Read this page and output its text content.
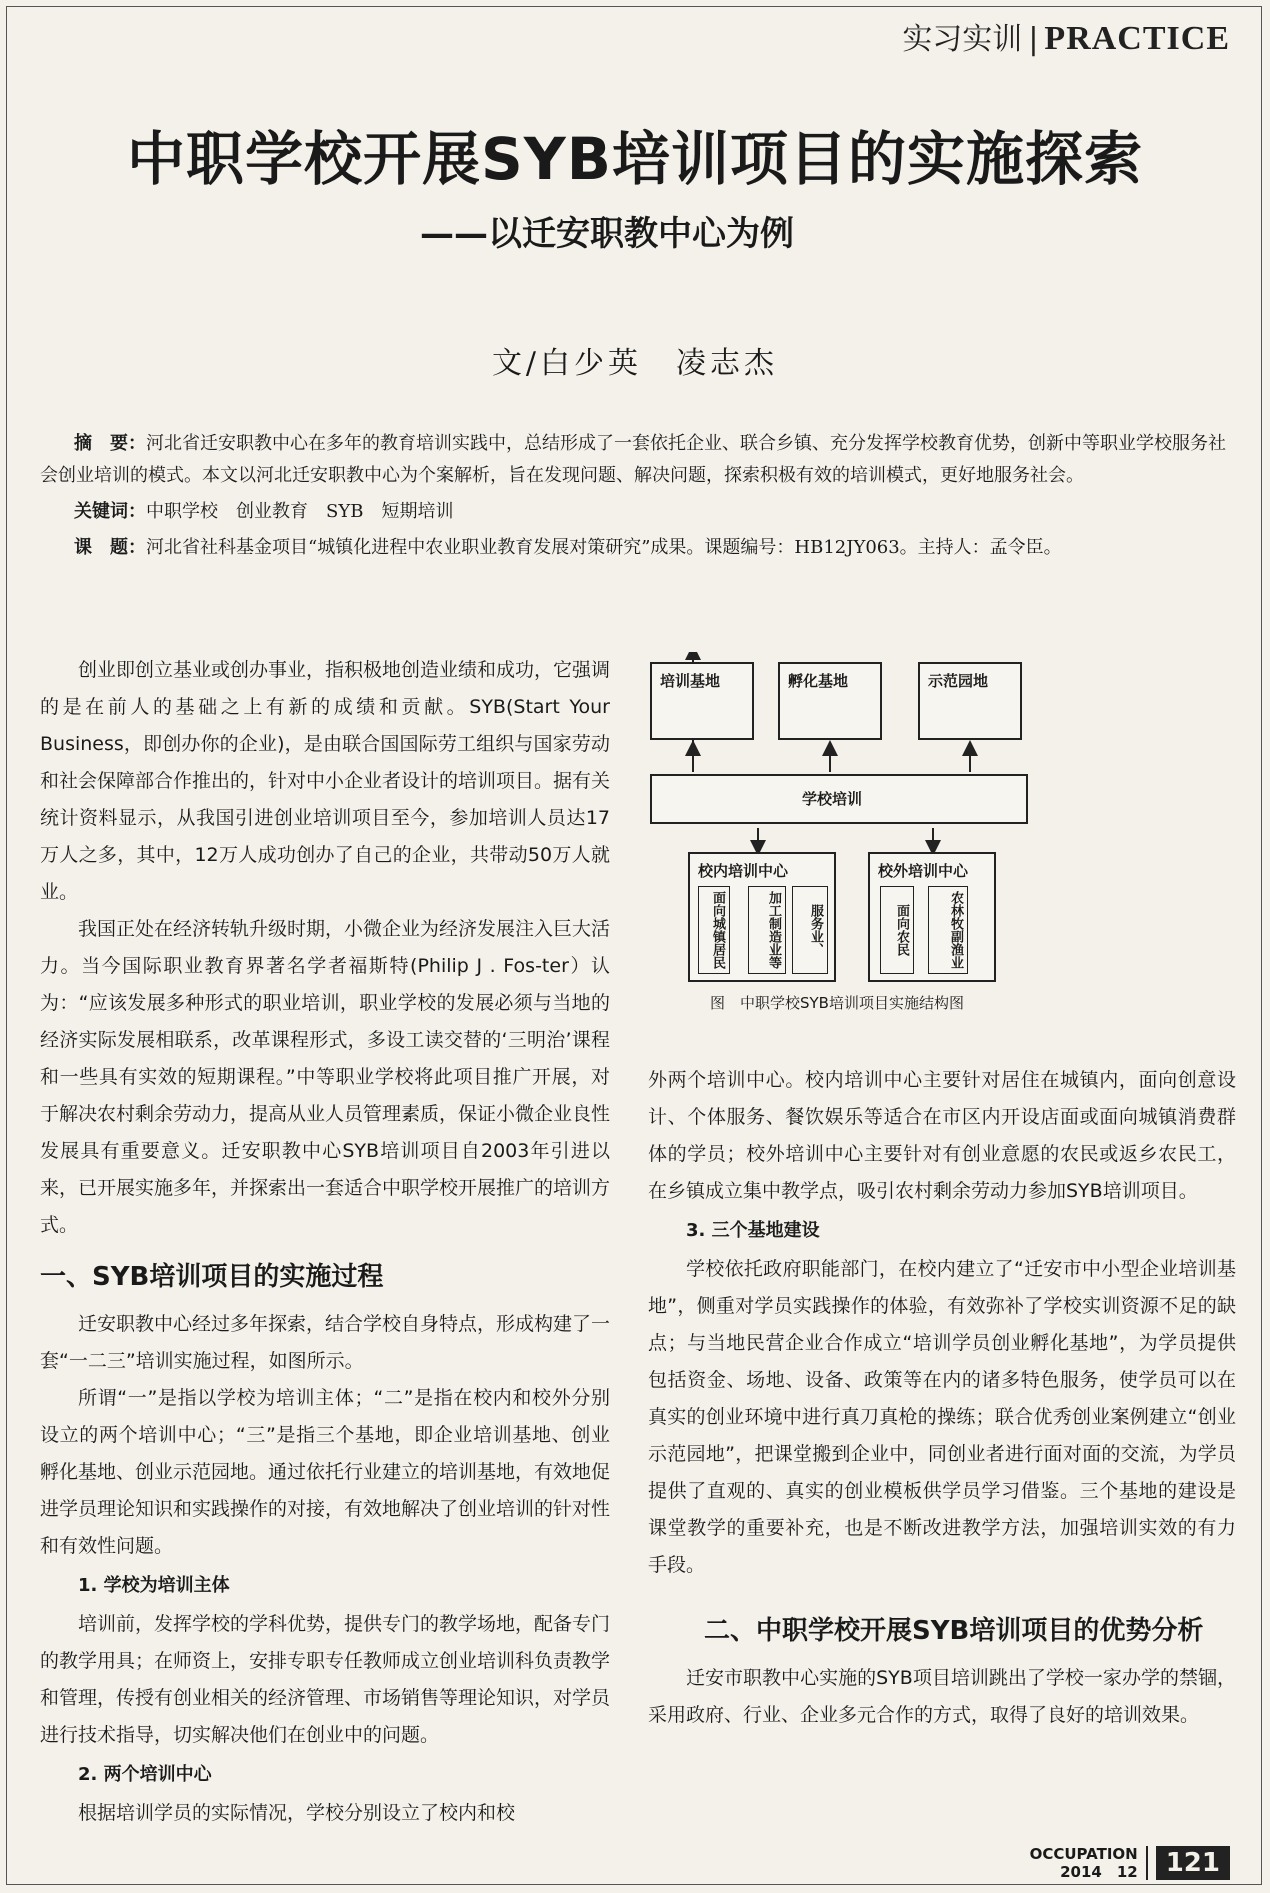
实习实训 | PRACTICE
中职学校开展SYB培训项目的实施探索
——以迁安职教中心为例
文/白少英　凌志杰

摘　要：河北省迁安职教中心在多年的教育培训实践中，总结形成了一套依托企业、联合乡镇、充分发挥学校教育优势，创新中等职业学校服务社会创业培训的模式。本文以河北迁安职教中心为个案解析，旨在发现问题、解决问题，探索积极有效的培训模式，更好地服务社会。

关键词：中职学校　创业教育　SYB　短期培训

课　题：河北省社科基金项目“城镇化进程中农业职业教育发展对策研究”成果。课题编号：HB12JY063。主持人：孟令臣。

创业即创立基业或创办事业，指积极地创造业绩和成功，它强调的是在前人的基础之上有新的成绩和贡献。SYB(Start Your Business，即创办你的企业)，是由联合国国际劳工组织与国家劳动和社会保障部合作推出的，针对中小企业者设计的培训项目。据有关统计资料显示，从我国引进创业培训项目至今，参加培训人员达17万人之多，其中，12万人成功创办了自己的企业，共带动50万人就业。

我国正处在经济转轨升级时期，小微企业为经济发展注入巨大活力。当今国际职业教育界著名学者福斯特(Philip J . Fos-ter）认为：“应该发展多种形式的职业培训，职业学校的发展必须与当地的经济实际发展相联系，改革课程形式，多设工读交替的‘三明治’课程和一些具有实效的短期课程。”中等职业学校将此项目推广开展，对于解决农村剩余劳动力，提高从业人员管理素质，保证小微企业良性发展具有重要意义。迁安职教中心SYB培训项目自2003年引进以来，已开展实施多年，并探索出一套适合中职学校开展推广的培训方式。

一、SYB培训项目的实施过程

迁安职教中心经过多年探索，结合学校自身特点，形成构建了一套“一二三”培训实施过程，如图所示。

所谓“一”是指以学校为培训主体；“二”是指在校内和校外分别设立的两个培训中心；“三”是指三个基地，即企业培训基地、创业孵化基地、创业示范园地。通过依托行业建立的培训基地，有效地促进学员理论知识和实践操作的对接，有效地解决了创业培训的针对性和有效性问题。

1. 学校为培训主体

培训前，发挥学校的学科优势，提供专门的教学场地，配备专门的教学用具；在师资上，安排专职专任教师成立创业培训科负责教学和管理，传授有创业相关的经济管理、市场销售等理论知识，对学员进行技术指导，切实解决他们在创业中的问题。

2. 两个培训中心

根据培训学员的实际情况，学校分别设立了校内和校

培训基地	孵化基地	示范园地
学校培训
校内培训中心
面向城镇居民	加工制造业等	服务业、
校外培训中心
面向农民	农林牧副渔业
图　中职学校SYB培训项目实施结构图

外两个培训中心。校内培训中心主要针对居住在城镇内，面向创意设计、个体服务、餐饮娱乐等适合在市区内开设店面或面向城镇消费群体的学员；校外培训中心主要针对有创业意愿的农民或返乡农民工，在乡镇成立集中教学点，吸引农村剩余劳动力参加SYB培训项目。

3. 三个基地建设

学校依托政府职能部门，在校内建立了“迁安市中小型企业培训基地”，侧重对学员实践操作的体验，有效弥补了学校实训资源不足的缺点；与当地民营企业合作成立“培训学员创业孵化基地”，为学员提供包括资金、场地、设备、政策等在内的诸多特色服务，使学员可以在真实的创业环境中进行真刀真枪的操练；联合优秀创业案例建立“创业示范园地”，把课堂搬到企业中，同创业者进行面对面的交流，为学员提供了直观的、真实的创业模板供学员学习借鉴。三个基地的建设是课堂教学的重要补充，也是不断改进教学方法，加强培训实效的有力手段。

二、中职学校开展SYB培训项目的优势分析

迁安市职教中心实施的SYB项目培训跳出了学校一家办学的禁锢，采用政府、行业、企业多元合作的方式，取得了良好的培训效果。

OCCUPATION
2014　12 121
